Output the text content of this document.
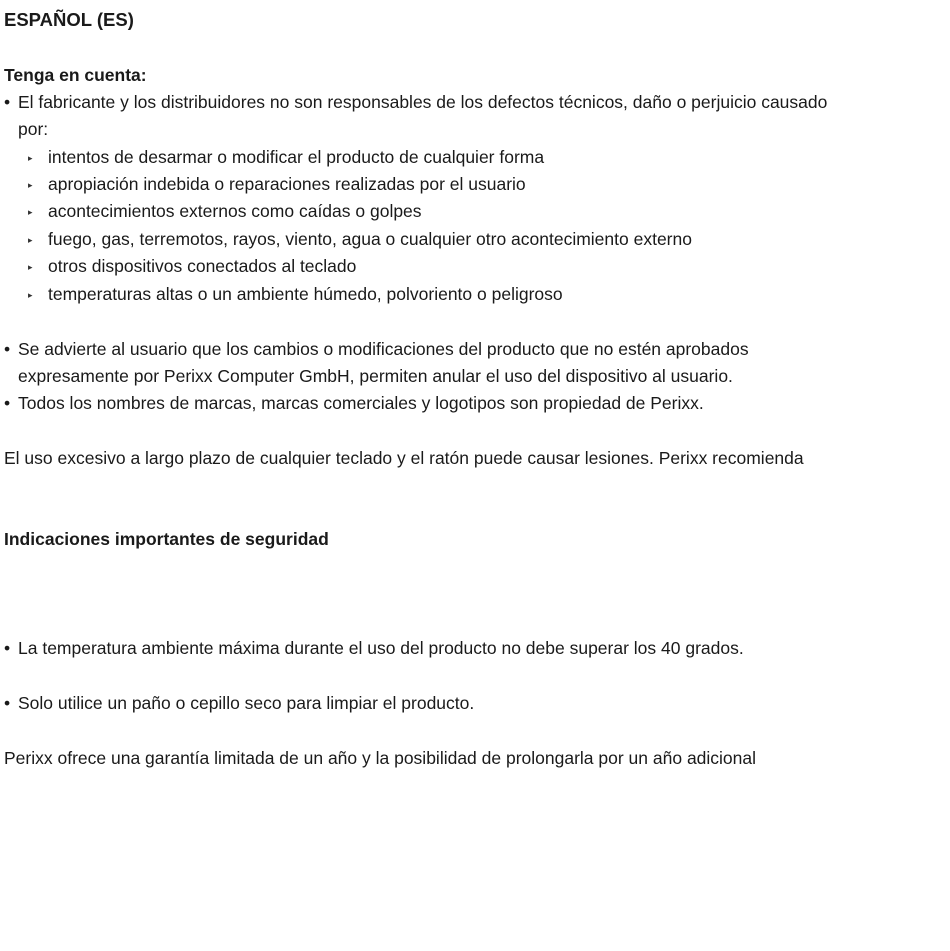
ESPAÑOL (ES)
Tenga en cuenta:
• El fabricante y los distribuidores no son responsables de los defectos técnicos, daño o perjuicio causado
por:
▸ intentos de desarmar o modificar el producto de cualquier forma
▸ apropiación indebida o reparaciones realizadas por el usuario
▸ acontecimientos externos como caídas o golpes
▸ fuego, gas, terremotos, rayos, viento, agua o cualquier otro acontecimiento externo
▸ otros dispositivos conectados al teclado
▸ temperaturas altas o un ambiente húmedo, polvoriento o peligroso
• Se advierte al usuario que los cambios o modificaciones del producto que no estén aprobados
expresamente por Perixx Computer GmbH, permiten anular el uso del dispositivo al usuario.
• Todos los nombres de marcas, marcas comerciales y logotipos son propiedad de Perixx.
El uso excesivo a largo plazo de cualquier teclado y el ratón puede causar lesiones. Perixx recomienda
Indicaciones importantes de seguridad
• La temperatura ambiente máxima durante el uso del producto no debe superar los 40 grados.
• Solo utilice un paño o cepillo seco para limpiar el producto.
Perixx ofrece una garantía limitada de un año y la posibilidad de prolongarla por un año adicional
